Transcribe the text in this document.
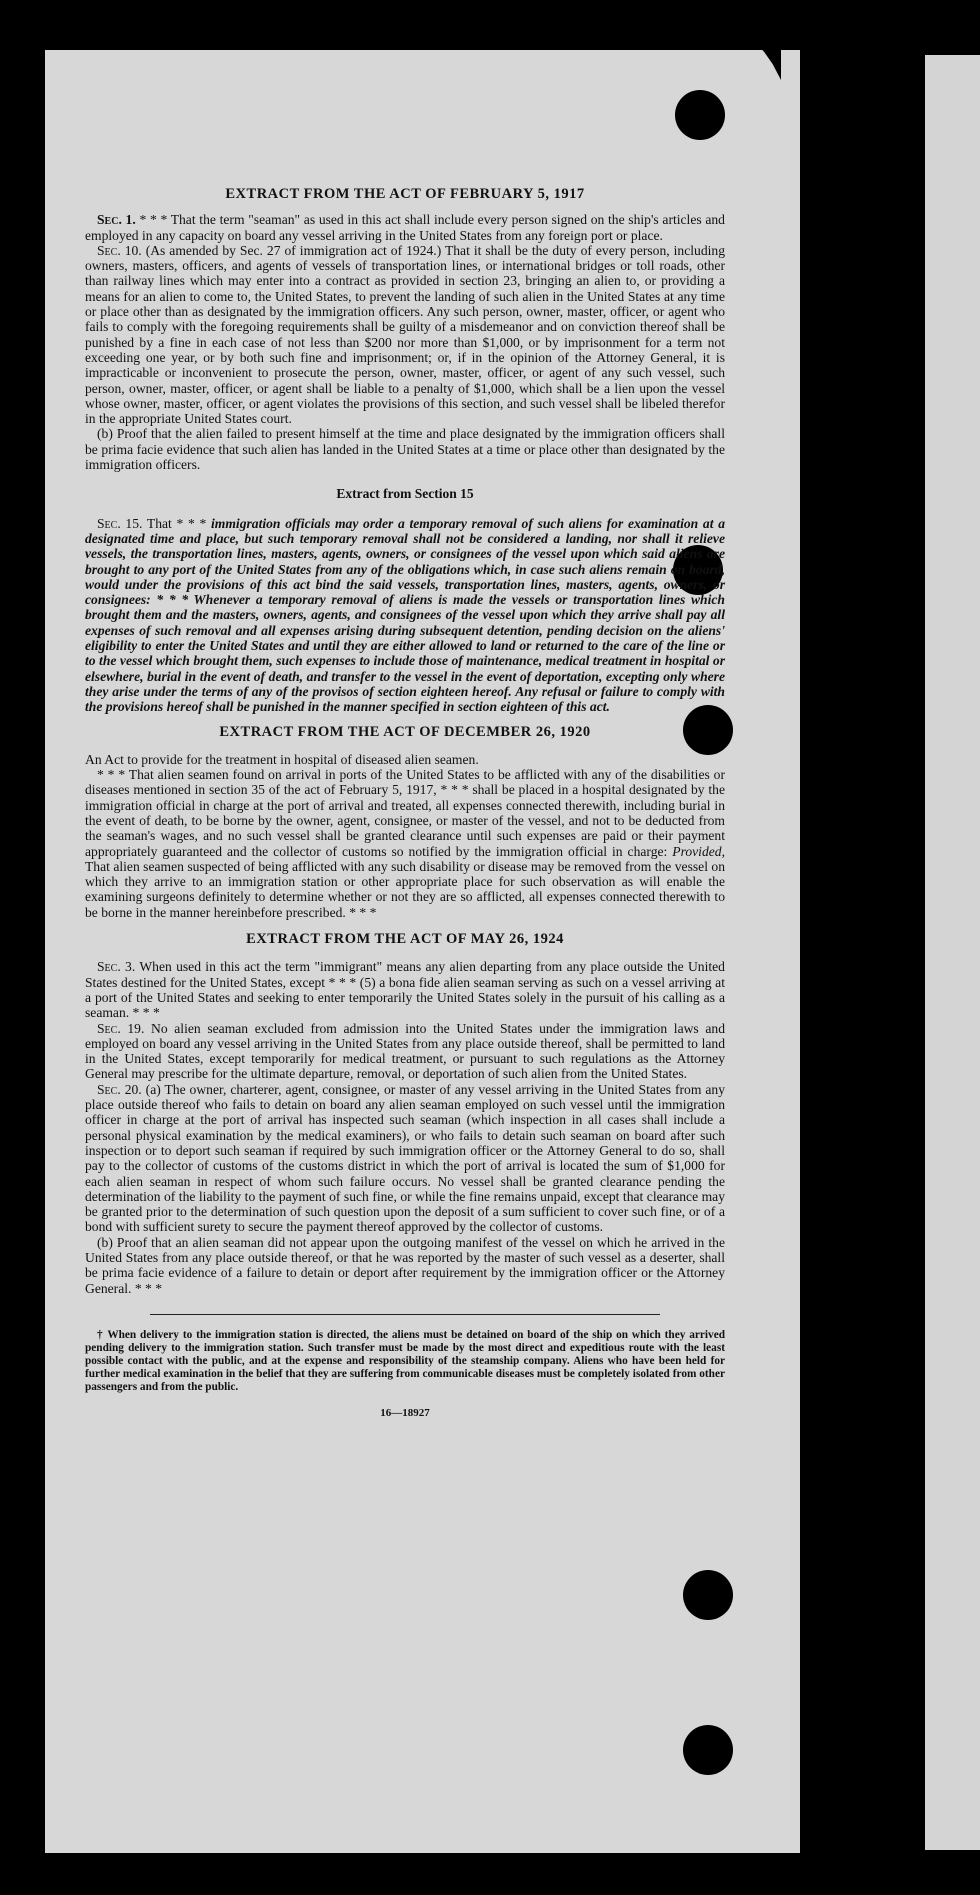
EXTRACT FROM THE ACT OF FEBRUARY 5, 1917

Sec. 1. * * * That the term "seaman" as used in this act shall include every person signed on the ship's articles and employed in any capacity on board any vessel arriving in the United States from any foreign port or place.

Sec. 10. (As amended by Sec. 27 of immigration act of 1924.) That it shall be the duty of every person, including owners, masters, officers, and agents of vessels of transportation lines, or international bridges or toll roads, other than railway lines which may enter into a contract as provided in section 23, bringing an alien to, or providing a means for an alien to come to, the United States, to prevent the landing of such alien in the United States at any time or place other than as designated by the immigration officers. Any such person, owner, master, officer, or agent who fails to comply with the foregoing requirements shall be guilty of a misdemeanor and on conviction thereof shall be punished by a fine in each case of not less than $200 nor more than $1,000, or by imprisonment for a term not exceeding one year, or by both such fine and imprisonment; or, if in the opinion of the Attorney General, it is impracticable or inconvenient to prosecute the person, owner, master, officer, or agent of any such vessel, such person, owner, master, officer, or agent shall be liable to a penalty of $1,000, which shall be a lien upon the vessel whose owner, master, officer, or agent violates the provisions of this section, and such vessel shall be libeled therefor in the appropriate United States court.

(b) Proof that the alien failed to present himself at the time and place designated by the immigration officers shall be prima facie evidence that such alien has landed in the United States at a time or place other than designated by the immigration officers.

Extract from Section 15

Sec. 15. That * * * immigration officials may order a temporary removal of such aliens for examination at a designated time and place, but such temporary removal shall not be considered a landing, nor shall it relieve vessels, the transportation lines, masters, agents, owners, or consignees of the vessel upon which said aliens are brought to any port of the United States from any of the obligations which, in case such aliens remain on board, would under the provisions of this act bind the said vessels, transportation lines, masters, agents, owners, or consignees: * * * Whenever a temporary removal of aliens is made the vessels or transportation lines which brought them and the masters, owners, agents, and consignees of the vessel upon which they arrive shall pay all expenses of such removal and all expenses arising during subsequent detention, pending decision on the aliens' eligibility to enter the United States and until they are either allowed to land or returned to the care of the line or to the vessel which brought them, such expenses to include those of maintenance, medical treatment in hospital or elsewhere, burial in the event of death, and transfer to the vessel in the event of deportation, excepting only where they arise under the terms of any of the provisos of section eighteen hereof. Any refusal or failure to comply with the provisions hereof shall be punished in the manner specified in section eighteen of this act.

EXTRACT FROM THE ACT OF DECEMBER 26, 1920

An Act to provide for the treatment in hospital of diseased alien seamen.

* * * That alien seamen found on arrival in ports of the United States to be afflicted with any of the disabilities or diseases mentioned in section 35 of the act of February 5, 1917, * * * shall be placed in a hospital designated by the immigration official in charge at the port of arrival and treated, all expenses connected therewith, including burial in the event of death, to be borne by the owner, agent, consignee, or master of the vessel, and not to be deducted from the seaman's wages, and no such vessel shall be granted clearance until such expenses are paid or their payment appropriately guaranteed and the collector of customs so notified by the immigration official in charge: Provided, That alien seamen suspected of being afflicted with any such disability or disease may be removed from the vessel on which they arrive to an immigration station or other appropriate place for such observation as will enable the examining surgeons definitely to determine whether or not they are so afflicted, all expenses connected therewith to be borne in the manner hereinbefore prescribed. * * *

EXTRACT FROM THE ACT OF MAY 26, 1924

Sec. 3. When used in this act the term "immigrant" means any alien departing from any place outside the United States destined for the United States, except * * * (5) a bona fide alien seaman serving as such on a vessel arriving at a port of the United States and seeking to enter temporarily the United States solely in the pursuit of his calling as a seaman. * * *

Sec. 19. No alien seaman excluded from admission into the United States under the immigration laws and employed on board any vessel arriving in the United States from any place outside thereof, shall be permitted to land in the United States, except temporarily for medical treatment, or pursuant to such regulations as the Attorney General may prescribe for the ultimate departure, removal, or deportation of such alien from the United States.

Sec. 20. (a) The owner, charterer, agent, consignee, or master of any vessel arriving in the United States from any place outside thereof who fails to detain on board any alien seaman employed on such vessel until the immigration officer in charge at the port of arrival has inspected such seaman (which inspection in all cases shall include a personal physical examination by the medical examiners), or who fails to detain such seaman on board after such inspection or to deport such seaman if required by such immigration officer or the Attorney General to do so, shall pay to the collector of customs of the customs district in which the port of arrival is located the sum of $1,000 for each alien seaman in respect of whom such failure occurs. No vessel shall be granted clearance pending the determination of the liability to the payment of such fine, or while the fine remains unpaid, except that clearance may be granted prior to the determination of such question upon the deposit of a sum sufficient to cover such fine, or of a bond with sufficient surety to secure the payment thereof approved by the collector of customs.

(b) Proof that an alien seaman did not appear upon the outgoing manifest of the vessel on which he arrived in the United States from any place outside thereof, or that he was reported by the master of such vessel as a deserter, shall be prima facie evidence of a failure to detain or deport after requirement by the immigration officer or the Attorney General. * * *

† When delivery to the immigration station is directed, the aliens must be detained on board of the ship on which they arrived pending delivery to the immigration station. Such transfer must be made by the most direct and expeditious route with the least possible contact with the public, and at the expense and responsibility of the steamship company. Aliens who have been held for further medical examination in the belief that they are suffering from communicable diseases must be completely isolated from other passengers and from the public.

16—18927
